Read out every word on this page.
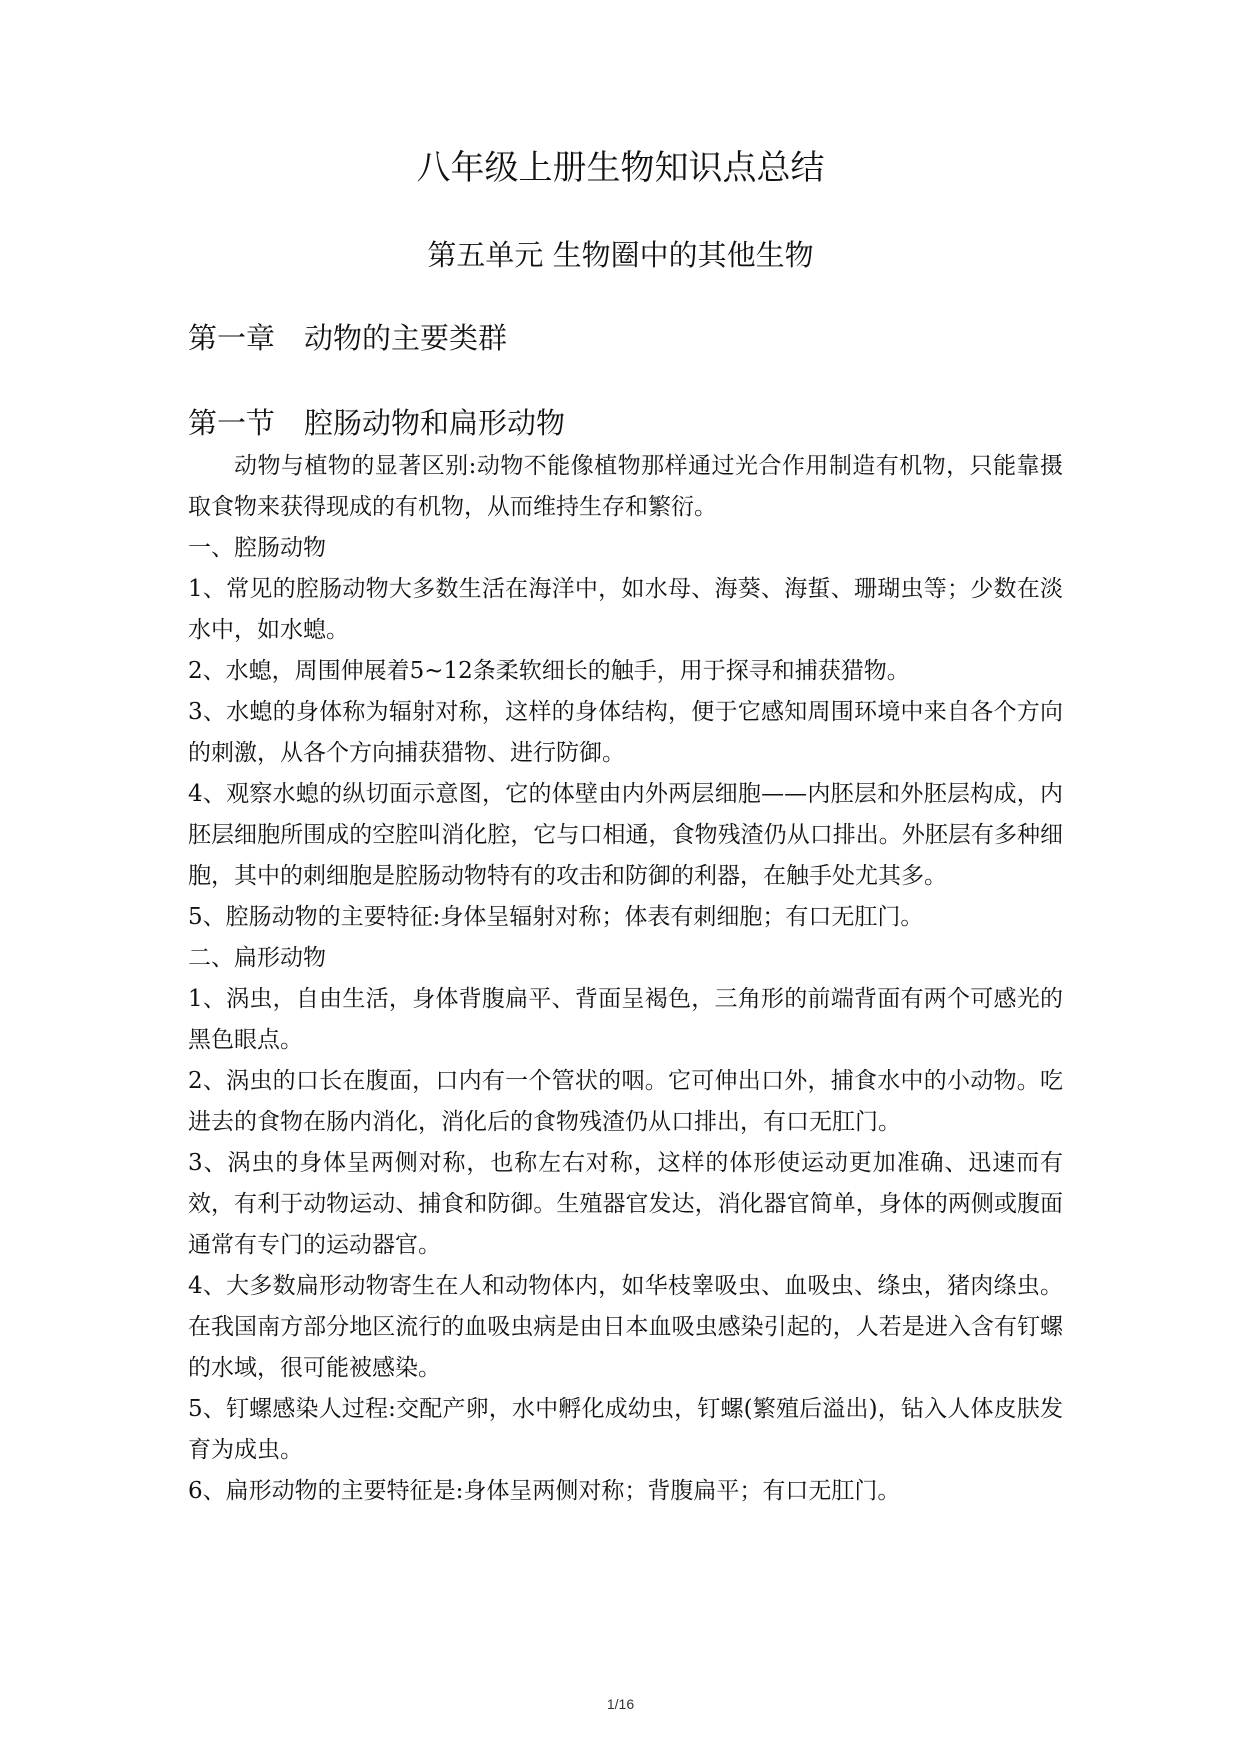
八年级上册生物知识点总结
第五单元 生物圈中的其他生物
第一章　动物的主要类群
第一节　腔肠动物和扁形动物

动物与植物的显著区别:动物不能像植物那样通过光合作用制造有机物，只能靠摄取食物来获得现成的有机物，从而维持生存和繁衍。

一、腔肠动物

1、常见的腔肠动物大多数生活在海洋中，如水母、海葵、海蜇、珊瑚虫等；少数在淡水中，如水螅。

2、水螅，周围伸展着5~12条柔软细长的触手，用于探寻和捕获猎物。

3、水螅的身体称为辐射对称，这样的身体结构，便于它感知周围环境中来自各个方向的刺激，从各个方向捕获猎物、进行防御。

4、观察水螅的纵切面示意图，它的体壁由内外两层细胞——内胚层和外胚层构成，内胚层细胞所围成的空腔叫消化腔，它与口相通，食物残渣仍从口排出。外胚层有多种细胞，其中的刺细胞是腔肠动物特有的攻击和防御的利器，在触手处尤其多。

5、腔肠动物的主要特征:身体呈辐射对称；体表有刺细胞；有口无肛门。

二、扁形动物

1、涡虫，自由生活，身体背腹扁平、背面呈褐色，三角形的前端背面有两个可感光的黑色眼点。

2、涡虫的口长在腹面，口内有一个管状的咽。它可伸出口外，捕食水中的小动物。吃进去的食物在肠内消化，消化后的食物残渣仍从口排出，有口无肛门。

3、涡虫的身体呈两侧对称，也称左右对称，这样的体形使运动更加准确、迅速而有效，有利于动物运动、捕食和防御。生殖器官发达，消化器官简单，身体的两侧或腹面通常有专门的运动器官。

4、大多数扁形动物寄生在人和动物体内，如华枝睾吸虫、血吸虫、绦虫，猪肉绦虫。在我国南方部分地区流行的血吸虫病是由日本血吸虫感染引起的，人若是进入含有钉螺的水域，很可能被感染。

5、钉螺感染人过程:交配产卵，水中孵化成幼虫，钉螺(繁殖后溢出)，钻入人体皮肤发育为成虫。

6、扁形动物的主要特征是:身体呈两侧对称；背腹扁平；有口无肛门。

1/16
